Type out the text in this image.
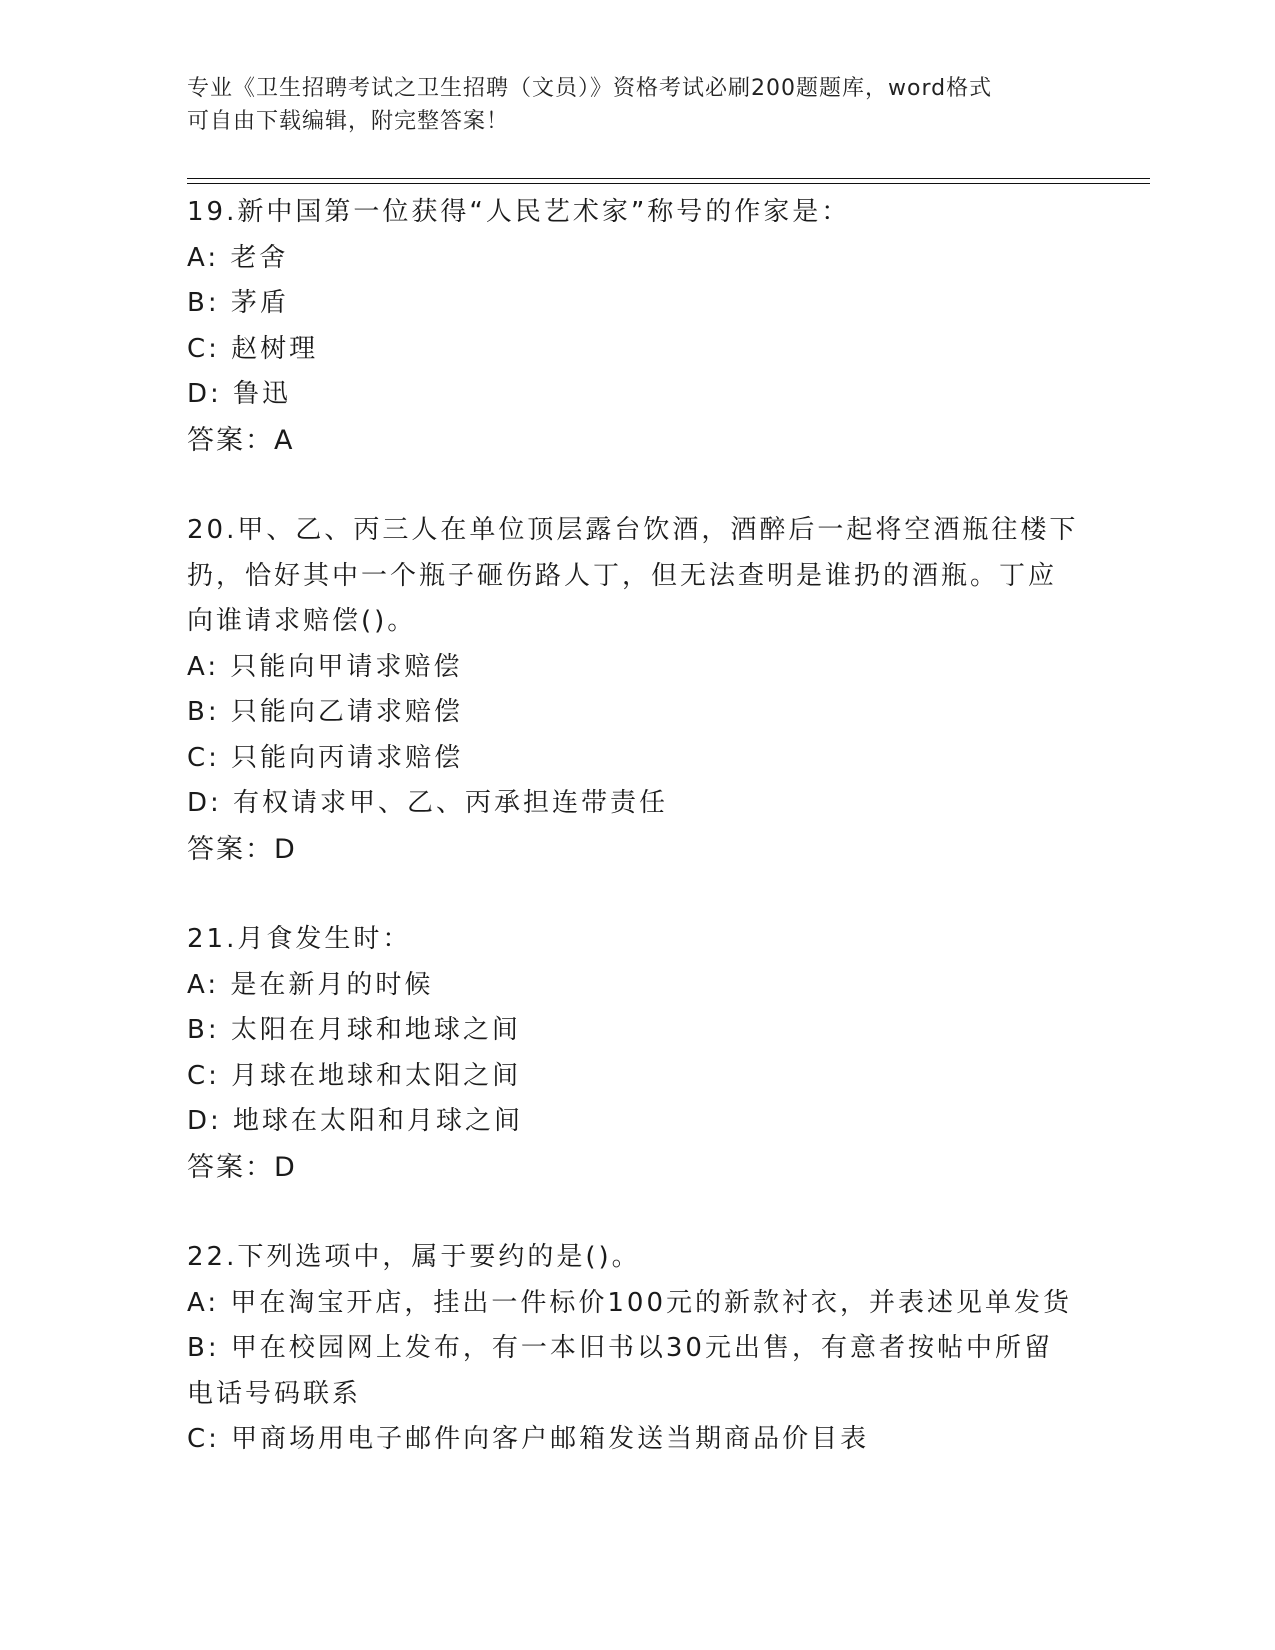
专业《卫生招聘考试之卫生招聘（文员）》资格考试必刷200题题库，word格式

可自由下载编辑，附完整答案！

19.新中国第一位获得“人民艺术家”称号的作家是：

A: 老舍

B: 茅盾

C: 赵树理

D: 鲁迅

答案：A

20.甲、乙、丙三人在单位顶层露台饮酒，酒醉后一起将空酒瓶往楼下

扔，恰好其中一个瓶子砸伤路人丁，但无法查明是谁扔的酒瓶。丁应

向谁请求赔偿()。

A: 只能向甲请求赔偿

B: 只能向乙请求赔偿

C: 只能向丙请求赔偿

D: 有权请求甲、乙、丙承担连带责任

答案：D

21.月食发生时：

A: 是在新月的时候

B: 太阳在月球和地球之间

C: 月球在地球和太阳之间

D: 地球在太阳和月球之间

答案：D

22.下列选项中，属于要约的是()。

A: 甲在淘宝开店，挂出一件标价100元的新款衬衣，并表述见单发货

B: 甲在校园网上发布，有一本旧书以30元出售，有意者按帖中所留

电话号码联系

C: 甲商场用电子邮件向客户邮箱发送当期商品价目表
